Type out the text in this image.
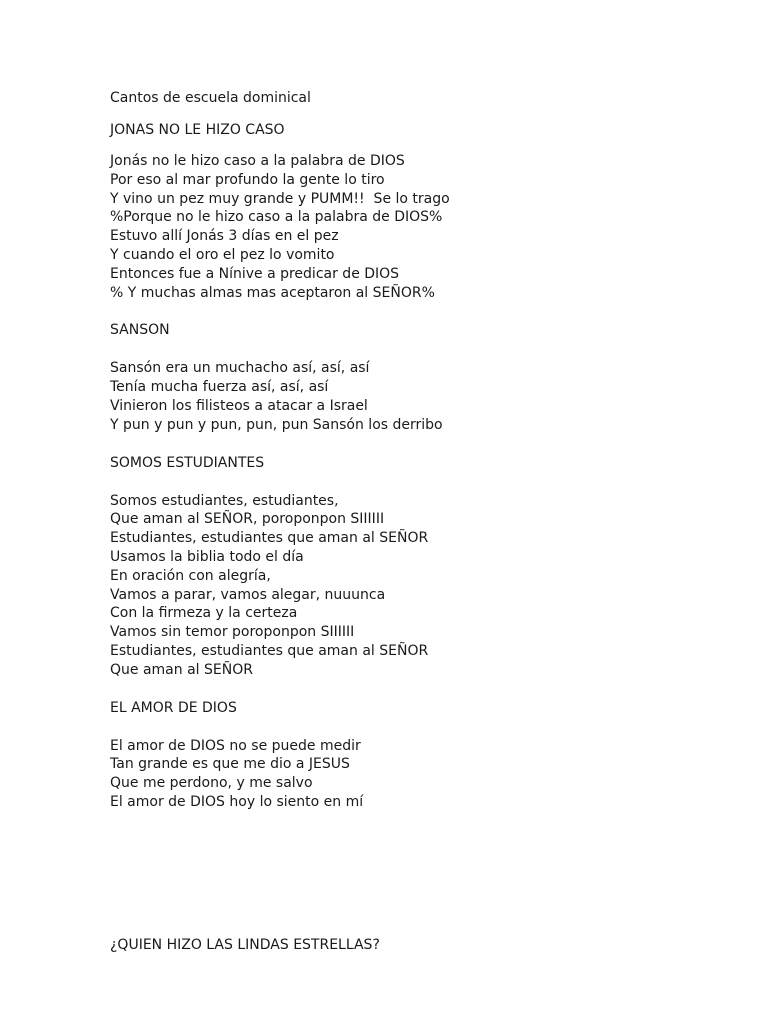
Cantos de escuela dominical
JONAS NO LE HIZO CASO
Jonás no le hizo caso a la palabra de DIOS
Por eso al mar profundo la gente lo tiro
Y vino un pez muy grande y PUMM!!  Se lo trago
%Porque no le hizo caso a la palabra de DIOS%
Estuvo allí Jonás 3 días en el pez
Y cuando el oro el pez lo vomito
Entonces fue a Nínive a predicar de DIOS
% Y muchas almas mas aceptaron al SEÑOR%
SANSON
Sansón era un muchacho así, así, así
Tenía mucha fuerza así, así, así
Vinieron los filisteos a atacar a Israel
Y pun y pun y pun, pun, pun Sansón los derribo
SOMOS ESTUDIANTES
Somos estudiantes, estudiantes,
Que aman al SEÑOR, poroponpon SIIIIII
Estudiantes, estudiantes que aman al SEÑOR
Usamos la biblia todo el día
En oración con alegría,
Vamos a parar, vamos alegar, nuuunca
Con la firmeza y la certeza
Vamos sin temor poroponpon SIIIIII
Estudiantes, estudiantes que aman al SEÑOR
Que aman al SEÑOR
EL AMOR DE DIOS
El amor de DIOS no se puede medir
Tan grande es que me dio a JESUS
Que me perdono, y me salvo
El amor de DIOS hoy lo siento en mí
¿QUIEN HIZO LAS LINDAS ESTRELLAS?
